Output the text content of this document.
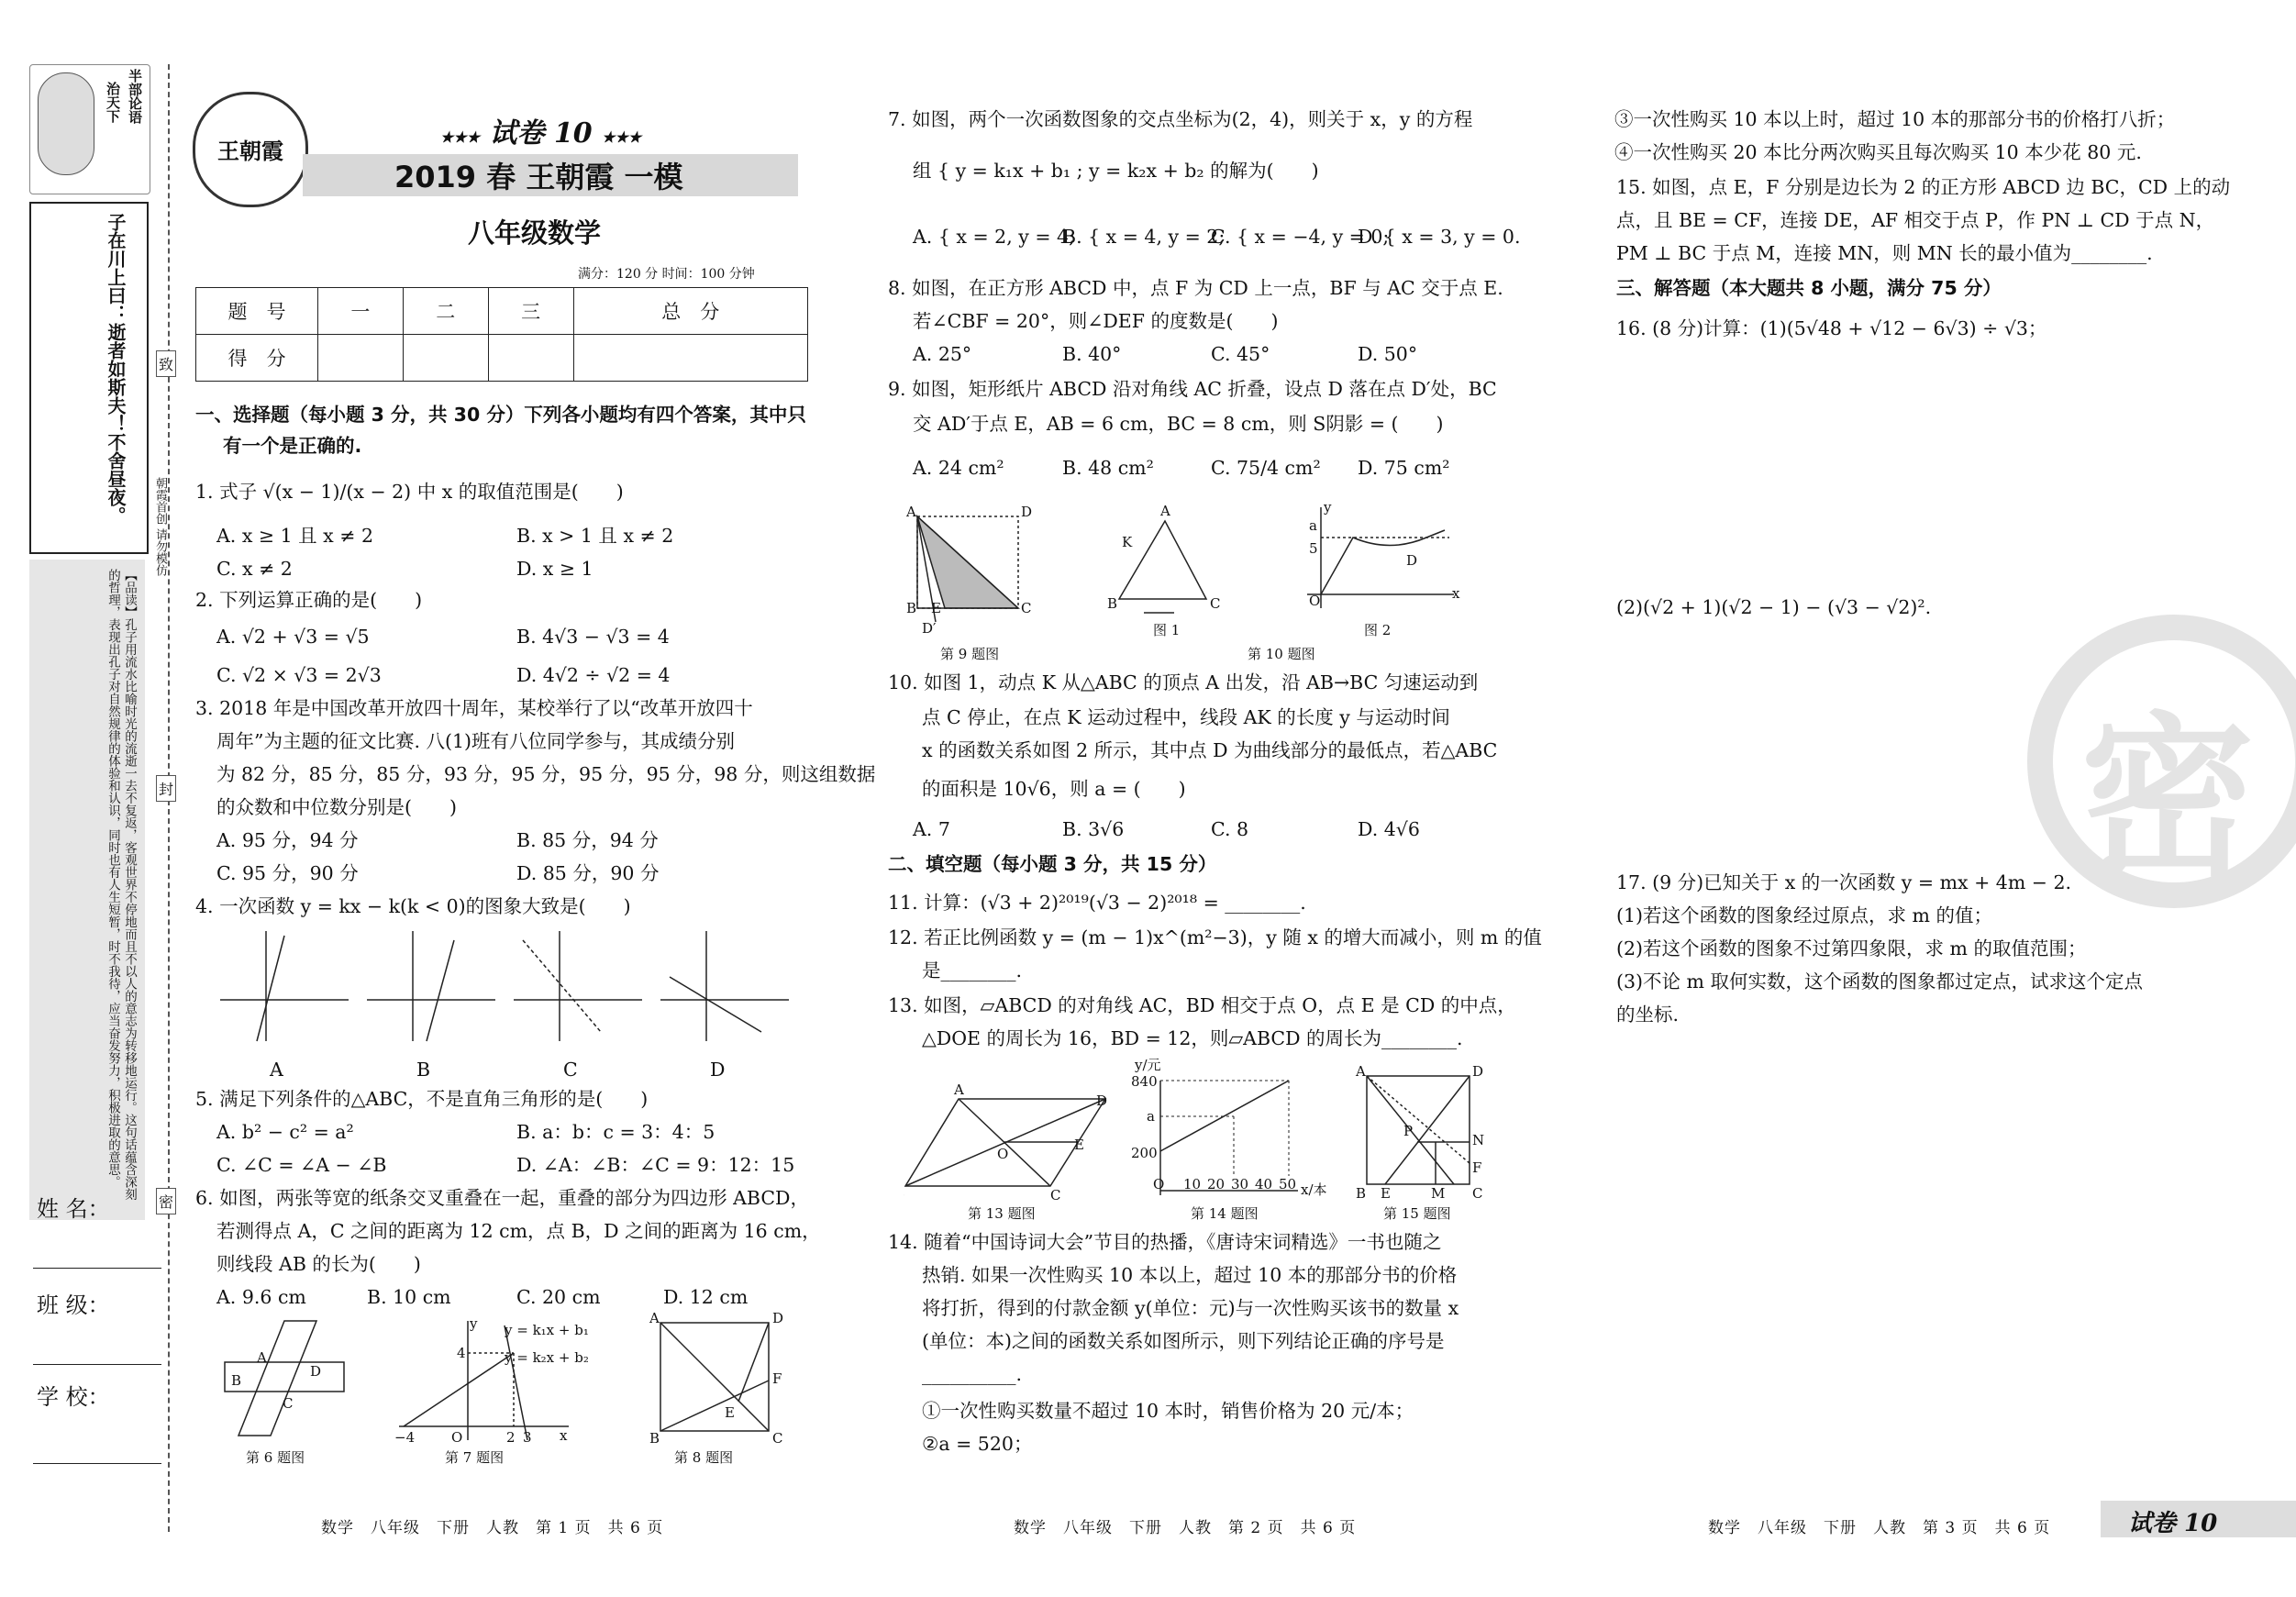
治天下 半部论语
子在川上曰：逝者如斯夫！不舍昼夜。
【品读】孔子用流水比喻时光的流逝一去不复返，客观世界不停地而且不以人的意志为转移地运行。这句话蕴含深刻的哲理，表现出孔子对自然规律的体验和认识，同时也有人生短暂，时不我待，应当奋发努力，积极进取的意思。
姓 名：
班 级：
学 校：
致
朝霞首创 请勿模仿
封
密
王朝霞
★★★ 试卷 10 ★★★
2019 春 王朝霞 一模
八年级数学
满分：120 分 时间：100 分钟
题　号	一	二	三	总　分
得　分				
一、选择题（每小题 3 分，共 30 分）下列各小题均有四个答案，其中只
有一个是正确的.
1. 式子 √(x − 1)/(x − 2) 中 x 的取值范围是(　　)
A. x ≥ 1 且 x ≠ 2	B. x > 1 且 x ≠ 2
C. x ≠ 2	D. x ≥ 1
2. 下列运算正确的是(　　)
A. √2 + √3 = √5	B. 4√3 − √3 = 4
C. √2 × √3 = 2√3	D. 4√2 ÷ √2 = 4
3. 2018 年是中国改革开放四十周年，某校举行了以“改革开放四十
周年”为主题的征文比赛. 八(1)班有八位同学参与，其成绩分别
为 82 分，85 分，85 分，93 分，95 分，95 分，95 分，98 分，则这组数据
的众数和中位数分别是(　　)
A. 95 分，94 分	B. 85 分，94 分
C. 95 分，90 分	D. 85 分，90 分
4. 一次函数 y = kx − k(k < 0)的图象大致是(　　)
A	B	C	D
5. 满足下列条件的△ABC，不是直角三角形的是(　　)
A. b² − c² = a²	B. a：b：c = 3：4：5
C. ∠C = ∠A − ∠B	D. ∠A：∠B：∠C = 9：12：15
6. 如图，两张等宽的纸条交叉重叠在一起，重叠的部分为四边形 ABCD，
若测得点 A，C 之间的距离为 12 cm，点 B，D 之间的距离为 16 cm，
则线段 AB 的长为(　　)
A. 9.6 cm	B. 10 cm	C. 20 cm	D. 12 cm
A
B
D
C
y
x
4
O
−4	2 3
y = k₁x + b₁
y = k₂x + b₂
A	D
B	C
F
E
第 6 题图	第 7 题图	第 8 题图
数学　八年级　下册　人教　第 1 页　共 6 页
7. 如图，两个一次函数图象的交点坐标为(2，4)，则关于 x，y 的方程
组 { y = k₁x + b₁ ; y = k₂x + b₂ 的解为(　　)
A. { x = 2, y = 4;
B. { x = 4, y = 2;
C. { x = −4, y = 0;
D. { x = 3, y = 0.
8. 如图，在正方形 ABCD 中，点 F 为 CD 上一点，BF 与 AC 交于点 E.
若∠CBF = 20°，则∠DEF 的度数是(　　)
A. 25°	B. 40°	C. 45°	D. 50°
9. 如图，矩形纸片 ABCD 沿对角线 AC 折叠，设点 D 落在点 D′处，BC
交 AD′于点 E，AB = 6 cm，BC = 8 cm，则 S阴影 = (　　)
A. 24 cm²	B. 48 cm²	C. 75/4 cm² D. 75 cm²
A	D
B	C
E
D′
A
B	C
K
y
x
a
5
O
D
第 9 题图
图 1
第 10 题图
图 2
10. 如图 1，动点 K 从△ABC 的顶点 A 出发，沿 AB→BC 匀速运动到
点 C 停止，在点 K 运动过程中，线段 AK 的长度 y 与运动时间
x 的函数关系如图 2 所示，其中点 D 为曲线部分的最低点，若△ABC
的面积是 10√6，则 a = (　　)
A. 7	B. 3√6	C. 8	D. 4√6
二、填空题（每小题 3 分，共 15 分）
11. 计算：(√3 + 2)²⁰¹⁹(√3 − 2)²⁰¹⁸ = ________.
12. 若正比例函数 y = (m − 1)x^(m²−3)，y 随 x 的增大而减小，则 m 的值
是________.
13. 如图，▱ABCD 的对角线 AC，BD 相交于点 O，点 E 是 CD 的中点，
△DOE 的周长为 16，BD = 12，则▱ABCD 的周长为________.
A
D
C
O
E
A	D
B	C
E	M
N
F
P
y/元
x/本
840
a
200
O 10 20 30 40 50
第 13 题图	第 14 题图	第 15 题图
14. 随着“中国诗词大会”节目的热播，《唐诗宋词精选》一书也随之
热销. 如果一次性购买 10 本以上，超过 10 本的那部分书的价格
将打折，得到的付款金额 y(单位：元)与一次性购买该书的数量 x
(单位：本)之间的函数关系如图所示，则下列结论正确的序号是
__________.
①一次性购买数量不超过 10 本时，销售价格为 20 元/本；
②a = 520；
数学　八年级　下册　人教　第 2 页　共 6 页
③一次性购买 10 本以上时，超过 10 本的那部分书的价格打八折；
④一次性购买 20 本比分两次购买且每次购买 10 本少花 80 元.
15. 如图，点 E，F 分别是边长为 2 的正方形 ABCD 边 BC，CD 上的动
点，且 BE = CF，连接 DE，AF 相交于点 P，作 PN ⊥ CD 于点 N，
PM ⊥ BC 于点 M，连接 MN，则 MN 长的最小值为________.
三、解答题（本大题共 8 小题，满分 75 分）
16. (8 分)计算：(1)(5√48 + √12 − 6√3) ÷ √3；
(2)(√2 + 1)(√2 − 1) − (√3 − √2)².
密
17. (9 分)已知关于 x 的一次函数 y = mx + 4m − 2.
(1)若这个函数的图象经过原点，求 m 的值；
(2)若这个函数的图象不过第四象限，求 m 的取值范围；
(3)不论 m 取何实数，这个函数的图象都过定点，试求这个定点
的坐标.
数学　八年级　下册　人教　第 3 页　共 6 页	试卷 10
